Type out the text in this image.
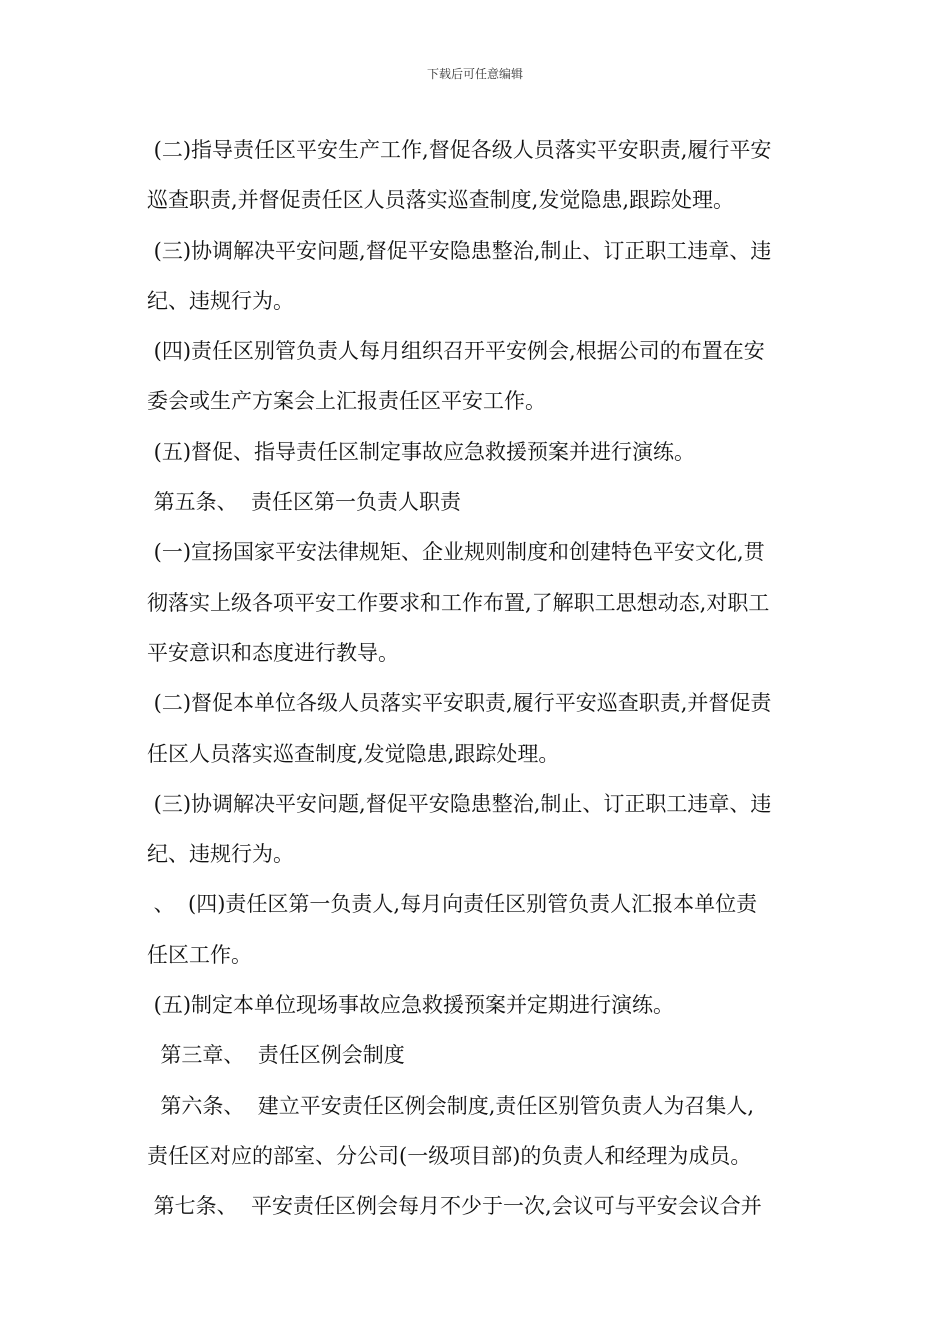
下载后可任意编辑
(二)指导责任区平安生产工作,督促各级人员落实平安职责,履行平安
巡查职责,并督促责任区人员落实巡查制度,发觉隐患,跟踪处理。
(三)协调解决平安问题,督促平安隐患整治,制止、订正职工违章、违
纪、违规行为。
(四)责任区别管负责人每月组织召开平安例会,根据公司的布置在安
委会或生产方案会上汇报责任区平安工作。
(五)督促、指导责任区制定事故应急救援预案并进行演练。
第五条、  责任区第一负责人职责
(一)宣扬国家平安法律规矩、企业规则制度和创建特色平安文化,贯
彻落实上级各项平安工作要求和工作布置,了解职工思想动态,对职工
平安意识和态度进行教导。
(二)督促本单位各级人员落实平安职责,履行平安巡查职责,并督促责
任区人员落实巡查制度,发觉隐患,跟踪处理。
(三)协调解决平安问题,督促平安隐患整治,制止、订正职工违章、违
纪、违规行为。
、  (四)责任区第一负责人,每月向责任区别管负责人汇报本单位责
任区工作。
(五)制定本单位现场事故应急救援预案并定期进行演练。
第三章、  责任区例会制度
第六条、  建立平安责任区例会制度,责任区别管负责人为召集人,
责任区对应的部室、分公司(一级项目部)的负责人和经理为成员。
第七条、  平安责任区例会每月不少于一次,会议可与平安会议合并
